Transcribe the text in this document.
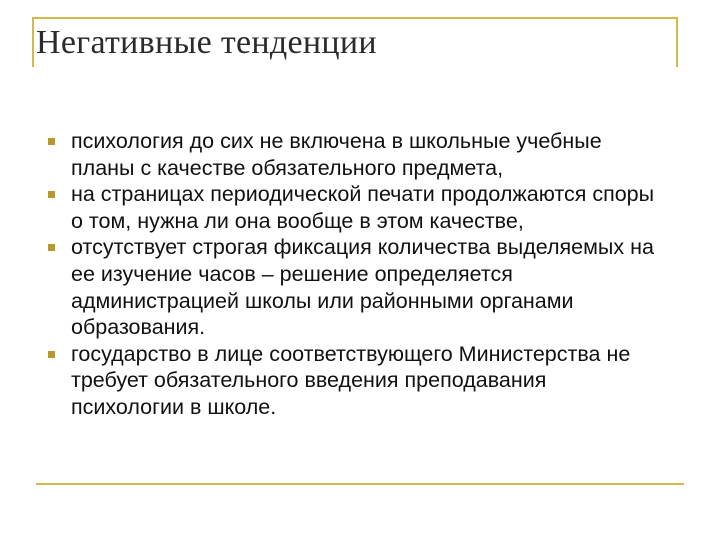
Негативные тенденции
психология до сих не включена в школьные учебные планы с качестве обязательного предмета,
на страницах периодической печати продолжаются споры о том, нужна ли она вообще в этом качестве,
отсутствует строгая фиксация количества выделяемых на ее изучение часов – решение определяется администрацией школы или районными органами образования.
государство в лице соответствующего Министерства не требует обязательного введения преподавания психологии в школе.
